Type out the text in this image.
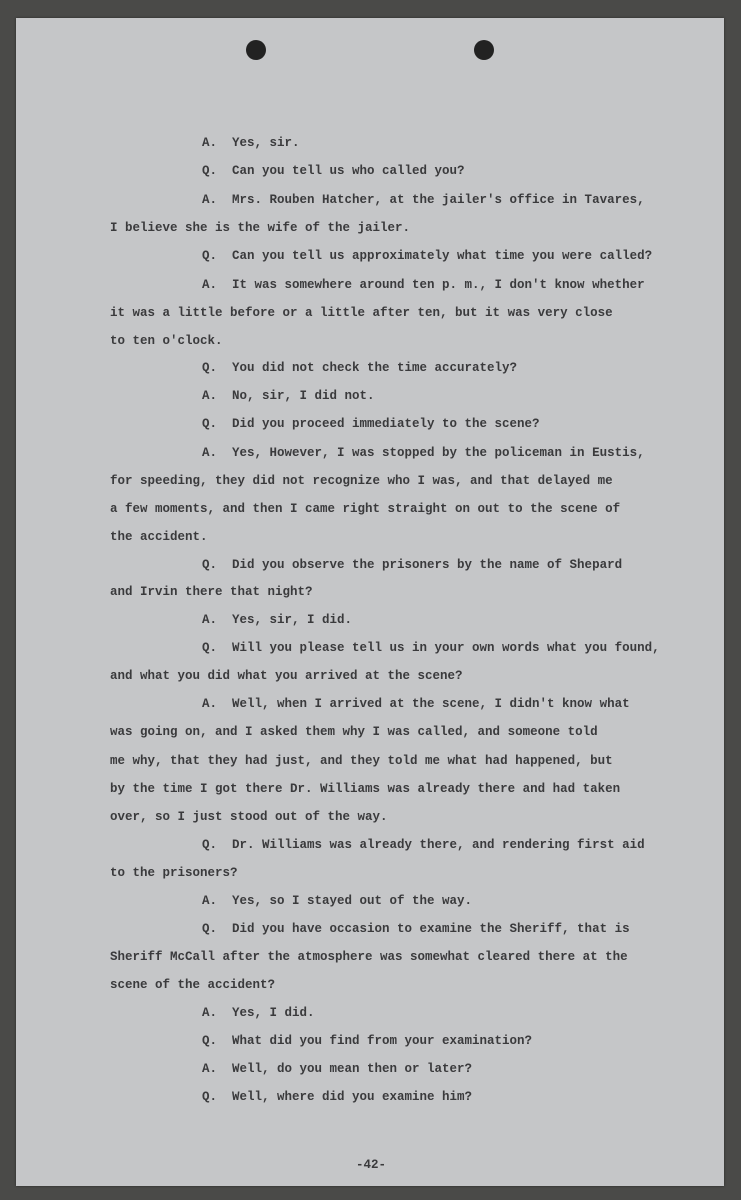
A.  Yes, sir.

Q.  Can you tell us who called you?

A.  Mrs. Rouben Hatcher, at the jailer's office in Tavares,

I believe she is the wife of the jailer.

Q.  Can you tell us approximately what time you were called?

A.  It was somewhere around ten p. m., I don't know whether

it was a little before or a little after ten, but it was very close

to ten o'clock.

Q.  You did not check the time accurately?

A.  No, sir, I did not.

Q.  Did you proceed immediately to the scene?

A.  Yes, However, I was stopped by the policeman in Eustis,

for speeding, they did not recognize who I was, and that delayed me

a few moments, and then I came right straight on out to the scene of

the accident.

Q.  Did you observe the prisoners by the name of Shepard

and Irvin there that night?

A.  Yes, sir, I did.

Q.  Will you please tell us in your own words what you found,

and what you did what you arrived at the scene?

A.  Well, when I arrived at the scene, I didn't know what

was going on, and I asked them why I was called, and someone told

me why, that they had just, and they told me what had happened, but

by the time I got there Dr. Williams was already there and had taken

over, so I just stood out of the way.

Q.  Dr. Williams was already there, and rendering first aid

to the prisoners?

A.  Yes, so I stayed out of the way.

Q.  Did you have occasion to examine the Sheriff, that is

Sheriff McCall after the atmosphere was somewhat cleared there at the

scene of the accident?

A.  Yes, I did.

Q.  What did you find from your examination?

A.  Well, do you mean then or later?

Q.  Well, where did you examine him?

-42-
